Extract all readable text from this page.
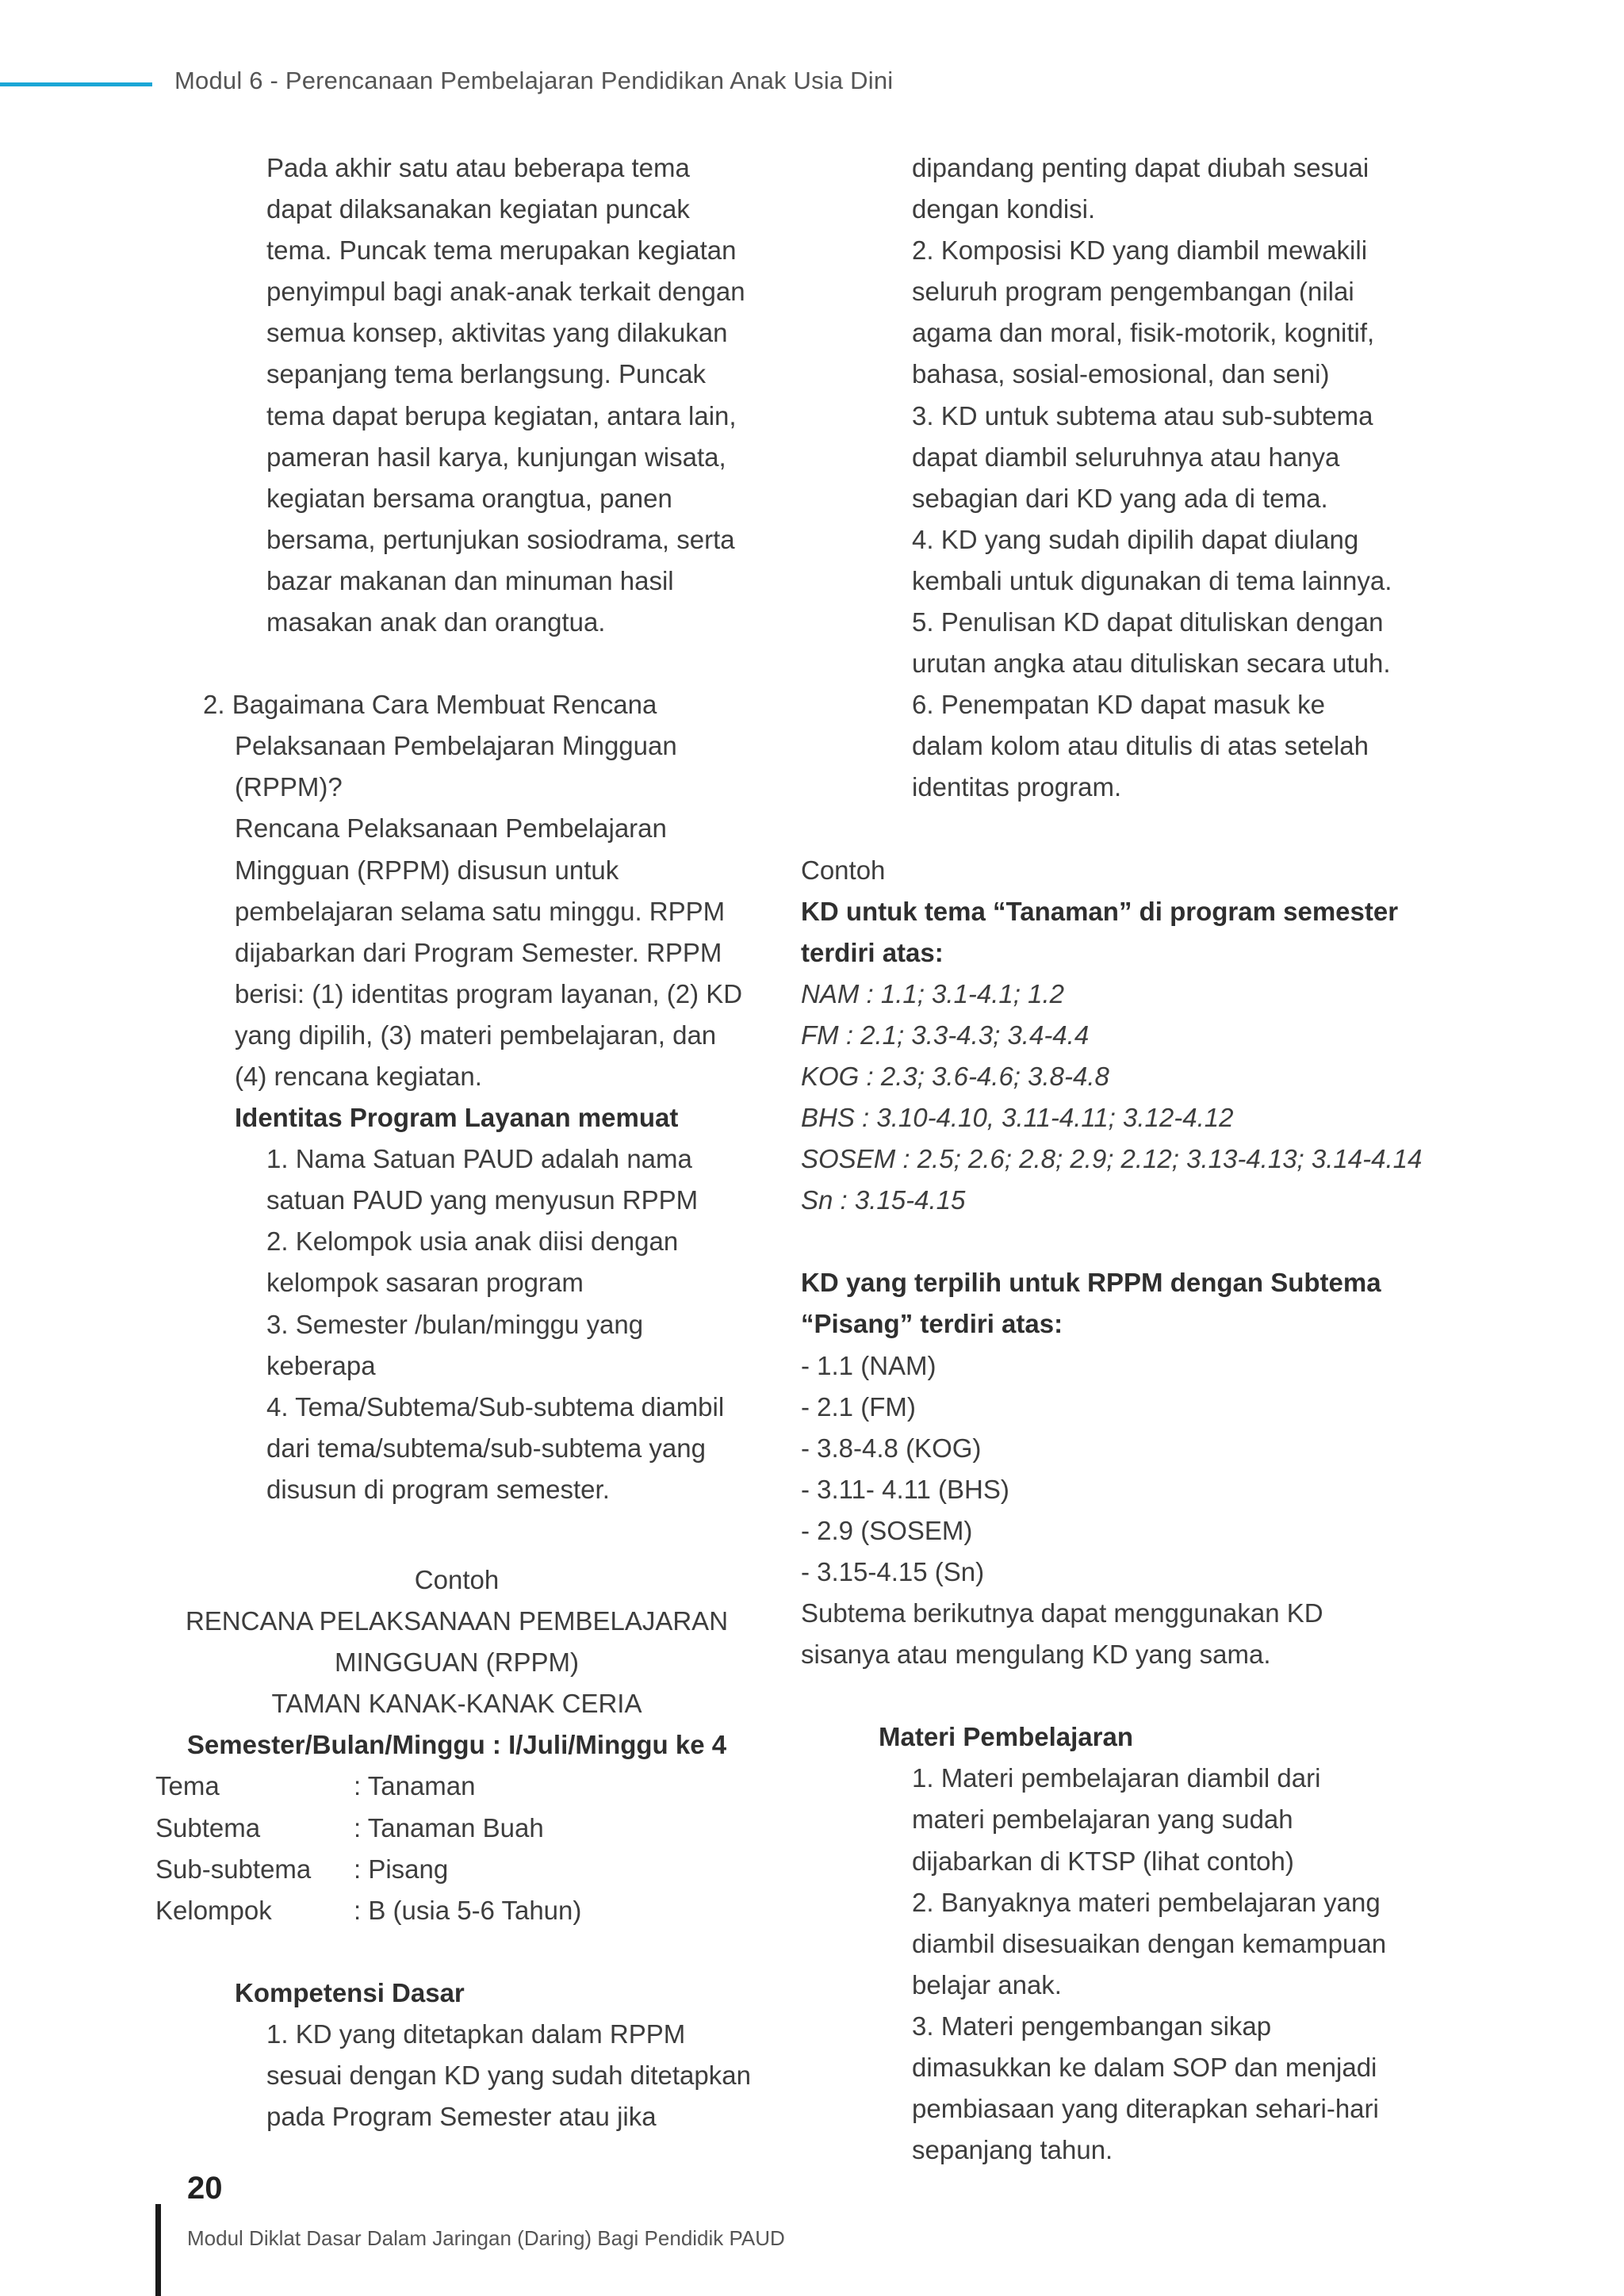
Modul 6 - Perencanaan Pembelajaran Pendidikan Anak Usia Dini

Pada akhir satu atau beberapa tema
dapat dilaksanakan kegiatan puncak
tema. Puncak tema merupakan kegiatan
penyimpul bagi anak-anak terkait dengan
semua konsep, aktivitas yang dilakukan
sepanjang tema berlangsung. Puncak
tema dapat berupa kegiatan, antara lain,
pameran hasil karya, kunjungan wisata,
kegiatan bersama orangtua, panen
bersama, pertunjukan sosiodrama, serta
bazar makanan dan minuman hasil
masakan anak dan orangtua.

2. Bagaimana Cara Membuat Rencana

Pelaksanaan Pembelajaran Mingguan
(RPPM)?

Rencana Pelaksanaan Pembelajaran
Mingguan (RPPM) disusun untuk
pembelajaran selama satu minggu. RPPM
dijabarkan dari Program Semester. RPPM
berisi: (1) identitas program layanan, (2) KD
yang dipilih, (3) materi pembelajaran, dan
(4) rencana kegiatan.

Identitas Program Layanan memuat

1. Nama Satuan PAUD adalah nama
satuan PAUD yang menyusun RPPM
2. Kelompok usia anak diisi dengan
kelompok sasaran program
3. Semester /bulan/minggu yang
keberapa
4. Tema/Subtema/Sub-subtema diambil
dari tema/subtema/sub-subtema yang
disusun di program semester.

Contoh

RENCANA PELAKSANAAN PEMBELAJARAN

MINGGUAN (RPPM)

TAMAN KANAK-KANAK CERIA

Semester/Bulan/Minggu : I/Juli/Minggu ke 4

Tema	: Tanaman
Subtema	: Tanaman Buah
Sub-subtema	: Pisang
Kelompok	: B (usia 5-6 Tahun)

Kompetensi Dasar

1. KD yang ditetapkan dalam RPPM
sesuai dengan KD yang sudah ditetapkan
pada Program Semester atau jika

dipandang penting dapat diubah sesuai
dengan kondisi.
2. Komposisi KD yang diambil mewakili
seluruh program pengembangan (nilai
agama dan moral, fisik-motorik, kognitif,
bahasa, sosial-emosional, dan seni)
3. KD untuk subtema atau sub-subtema
dapat diambil seluruhnya atau hanya
sebagian dari KD yang ada di tema.
4. KD yang sudah dipilih dapat diulang
kembali untuk digunakan di tema lainnya.
5. Penulisan KD dapat dituliskan dengan
urutan angka atau dituliskan secara utuh.
6. Penempatan KD dapat masuk ke
dalam kolom atau ditulis di atas setelah
identitas program.

Contoh

KD untuk tema “Tanaman” di program semester
terdiri atas:

NAM : 1.1; 3.1-4.1; 1.2
FM : 2.1; 3.3-4.3; 3.4-4.4
KOG : 2.3; 3.6-4.6; 3.8-4.8
BHS : 3.10-4.10, 3.11-4.11; 3.12-4.12
SOSEM : 2.5; 2.6; 2.8; 2.9; 2.12; 3.13-4.13; 3.14-4.14
Sn : 3.15-4.15

KD yang terpilih untuk RPPM dengan Subtema
“Pisang” terdiri atas:

- 1.1 (NAM)
- 2.1 (FM)
- 3.8-4.8 (KOG)
- 3.11- 4.11 (BHS)
- 2.9 (SOSEM)
- 3.15-4.15 (Sn)

Subtema berikutnya dapat menggunakan KD
sisanya atau mengulang KD yang sama.

Materi Pembelajaran

1. Materi pembelajaran diambil dari
materi pembelajaran yang sudah
dijabarkan di KTSP (lihat contoh)
2. Banyaknya materi pembelajaran yang
diambil disesuaikan dengan kemampuan
belajar anak.
3. Materi pengembangan sikap
dimasukkan ke dalam SOP dan menjadi
pembiasaan yang diterapkan sehari-hari
sepanjang tahun.

20
Modul Diklat Dasar Dalam Jaringan (Daring) Bagi Pendidik PAUD
